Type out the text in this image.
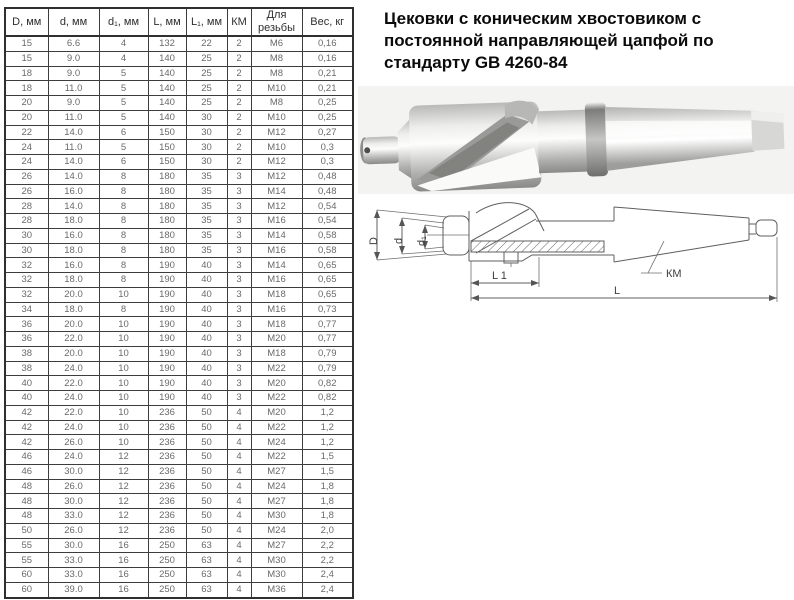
D, мм	d, мм	d₁, мм	L, мм	L₁, мм	КМ	Для резьбы	Вес, кг
15	6.6	4	132	22	2	М6	0,16
15	9.0	4	140	25	2	М8	0,16
18	9.0	5	140	25	2	М8	0,21
18	11.0	5	140	25	2	М10	0,21
20	9.0	5	140	25	2	М8	0,25
20	11.0	5	140	30	2	М10	0,25
22	14.0	6	150	30	2	М12	0,27
24	11.0	5	150	30	2	М10	0,3
24	14.0	6	150	30	2	М12	0,3
26	14.0	8	180	35	3	М12	0,48
26	16.0	8	180	35	3	М14	0,48
28	14.0	8	180	35	3	М12	0,54
28	18.0	8	180	35	3	М16	0,54
30	16.0	8	180	35	3	М14	0,58
30	18.0	8	180	35	3	М16	0,58
32	16.0	8	190	40	3	М14	0,65
32	18.0	8	190	40	3	М16	0,65
32	20.0	10	190	40	3	М18	0,65
34	18.0	8	190	40	3	М16	0,73
36	20.0	10	190	40	3	М18	0,77
36	22.0	10	190	40	3	М20	0,77
38	20.0	10	190	40	3	М18	0,79
38	24.0	10	190	40	3	М22	0,79
40	22.0	10	190	40	3	М20	0,82
40	24.0	10	190	40	3	М22	0,82
42	22.0	10	236	50	4	М20	1,2
42	24.0	10	236	50	4	М22	1,2
42	26.0	10	236	50	4	М24	1,2
46	24.0	12	236	50	4	М22	1,5
46	30.0	12	236	50	4	М27	1,5
48	26.0	12	236	50	4	М24	1,8
48	30.0	12	236	50	4	М27	1,8
48	33.0	12	236	50	4	М30	1,8
50	26.0	12	236	50	4	М24	2,0
55	30.0	16	250	63	4	М27	2,2
55	33.0	16	250	63	4	М30	2,2
60	33.0	16	250	63	4	М30	2,4
60	39.0	16	250	63	4	М36	2,4
Цековки с коническим хвостовиком с постоянной направляющей цапфой по стандарту GB 4260-84
D d d₁
L 1
L
КМ
